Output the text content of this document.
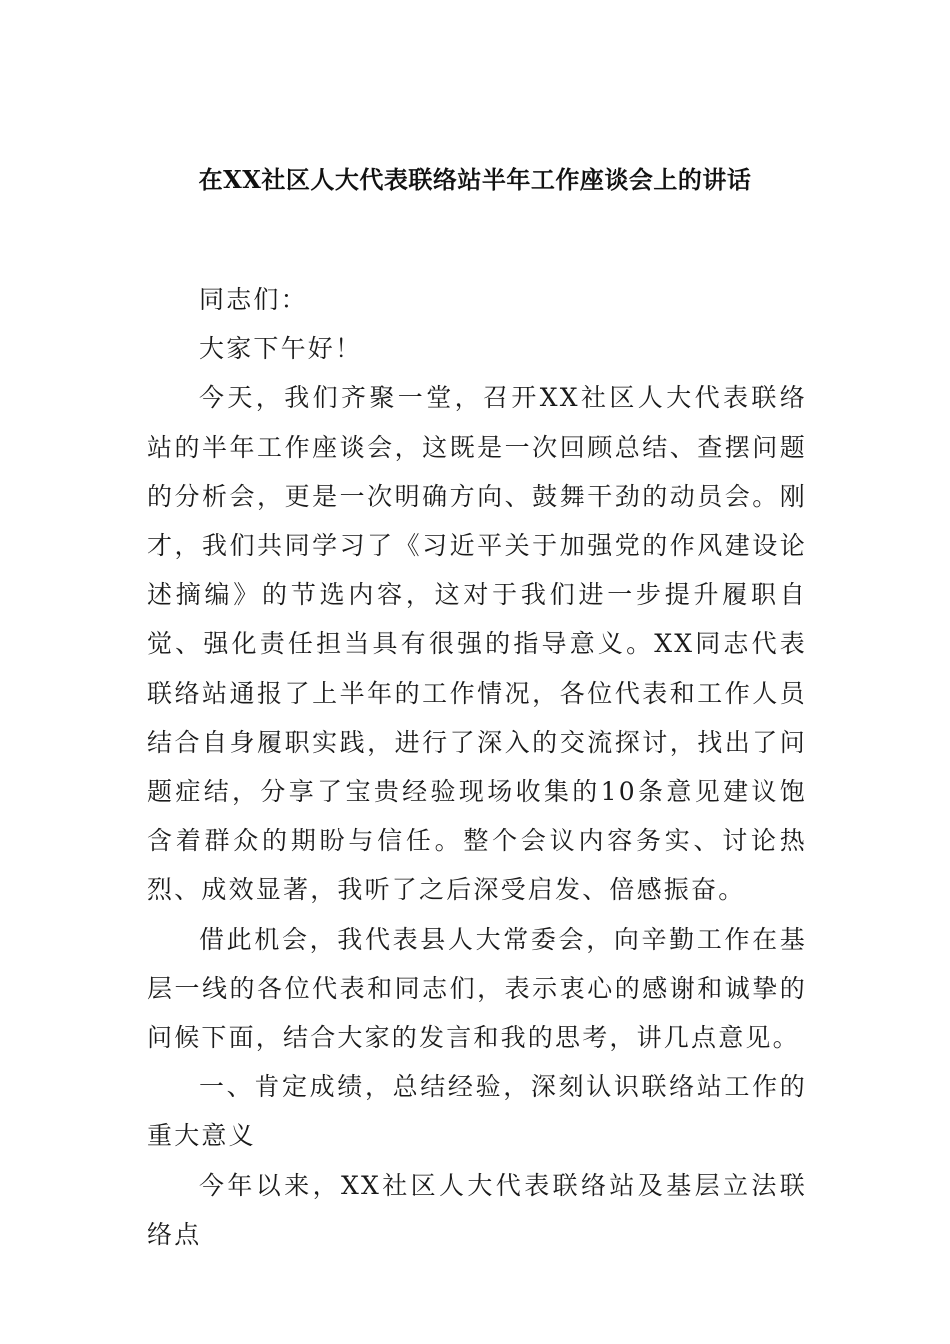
在XX社区人大代表联络站半年工作座谈会上的讲话

同志们：

大家下午好！

今天，我们齐聚一堂，召开XX社区人大代表联络站的半年工作座谈会，这既是一次回顾总结、查摆问题的分析会，更是一次明确方向、鼓舞干劲的动员会。刚才，我们共同学习了《习近平关于加强党的作风建设论述摘编》的节选内容，这对于我们进一步提升履职自觉、强化责任担当具有很强的指导意义。XX同志代表联络站通报了上半年的工作情况，各位代表和工作人员结合自身履职实践，进行了深入的交流探讨，找出了问题症结，分享了宝贵经验现场收集的10条意见建议饱含着群众的期盼与信任。整个会议内容务实、讨论热烈、成效显著，我听了之后深受启发、倍感振奋。

借此机会，我代表县人大常委会，向辛勤工作在基层一线的各位代表和同志们，表示衷心的感谢和诚挚的问候下面，结合大家的发言和我的思考，讲几点意见。

一、肯定成绩，总结经验，深刻认识联络站工作的重大意义

今年以来，XX社区人大代表联络站及基层立法联络点
